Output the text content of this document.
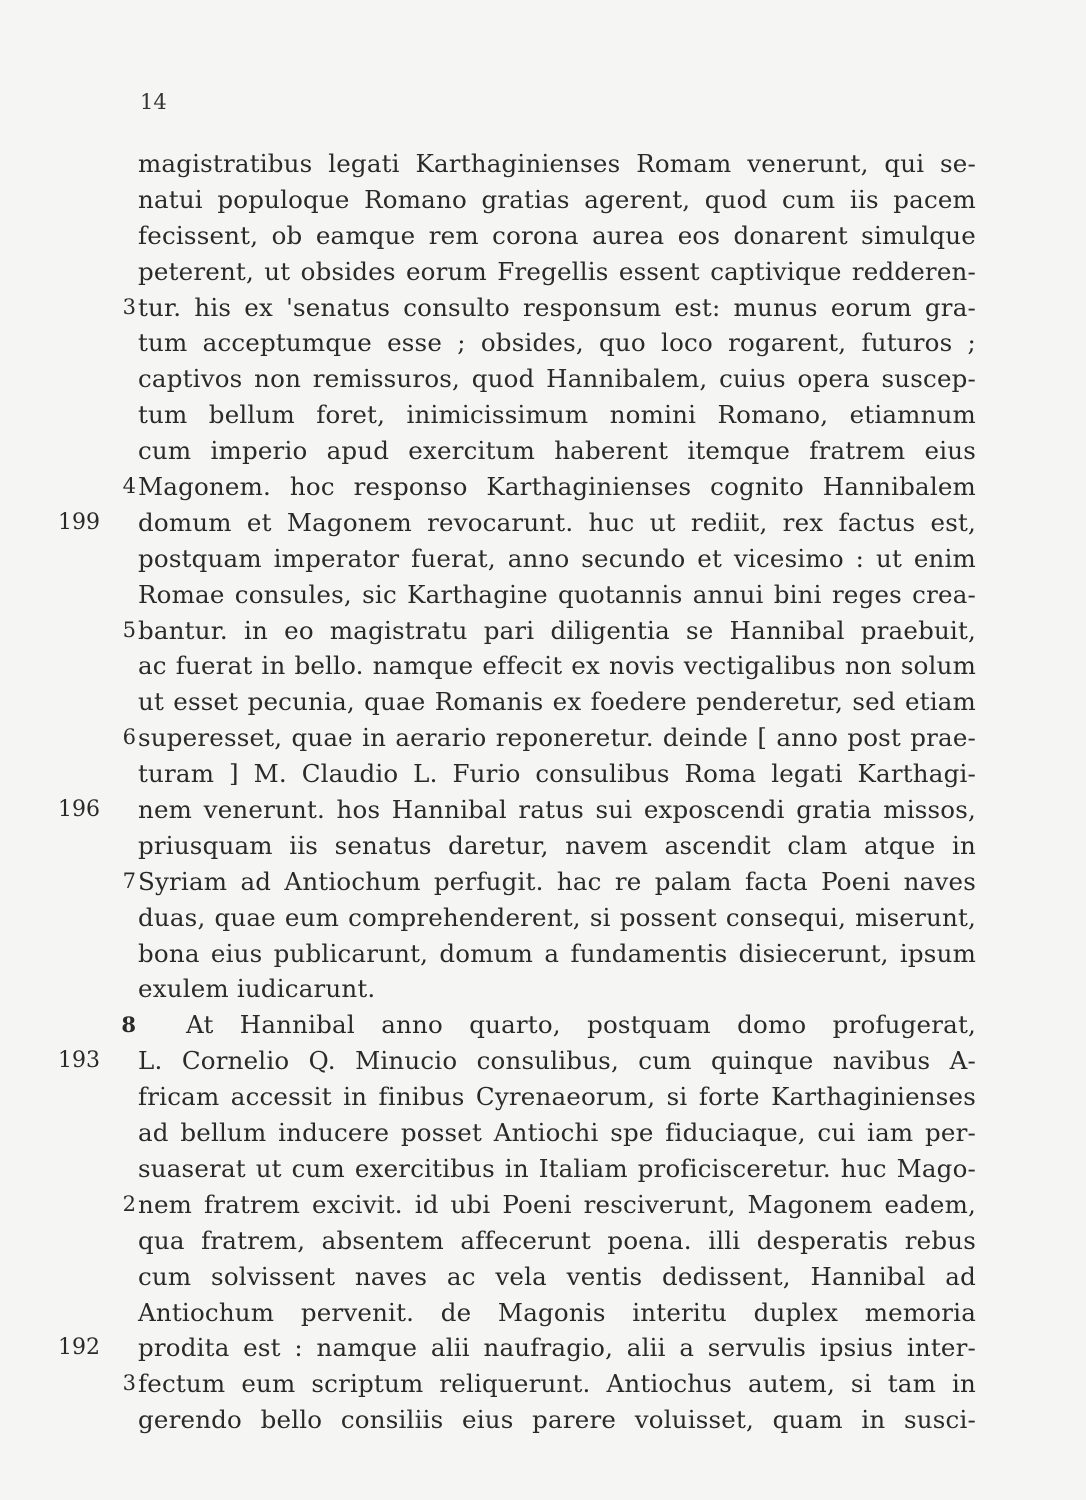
14
magistratibus legati Karthaginienses Romam venerunt, qui se-
natui populoque Romano gratias agerent, quod cum iis pacem
fecissent, ob eamque rem corona aurea eos donarent simulque
peterent, ut obsides eorum Fregellis essent captivique redderen-
3 tur. his ex 'senatus consulto responsum est: munus eorum gra-
tum acceptumque esse ; obsides, quo loco rogarent, futuros ;
captivos non remissuros, quod Hannibalem, cuius opera suscep-
tum bellum foret, inimicissimum nomini Romano, etiamnum
cum imperio apud exercitum haberent itemque fratrem eius
4 Magonem. hoc responso Karthaginienses cognito Hannibalem
199 domum et Magonem revocarunt. huc ut rediit, rex factus est,
postquam imperator fuerat, anno secundo et vicesimo : ut enim
Romae consules, sic Karthagine quotannis annui bini reges crea-
5 bantur. in eo magistratu pari diligentia se Hannibal praebuit,
ac fuerat in bello. namque effecit ex novis vectigalibus non solum
ut esset pecunia, quae Romanis ex foedere penderetur, sed etiam
6 superesset, quae in aerario reponeretur. deinde [ anno post prae-
turam ] M. Claudio L. Furio consulibus Roma legati Karthagi-
196 nem venerunt. hos Hannibal ratus sui exposcendi gratia missos,
priusquam iis senatus daretur, navem ascendit clam atque in
7 Syriam ad Antiochum perfugit. hac re palam facta Poeni naves
duas, quae eum comprehenderent, si possent consequi, miserunt,
bona eius publicarunt, domum a fundamentis disiecerunt, ipsum
exulem iudicarunt.
8 At Hannibal anno quarto, postquam domo profugerat,
193 L. Cornelio Q. Minucio consulibus, cum quinque navibus A-
fricam accessit in finibus Cyrenaeorum, si forte Karthaginienses
ad bellum inducere posset Antiochi spe fiduciaque, cui iam per-
suaserat ut cum exercitibus in Italiam proficisceretur. huc Mago-
2 nem fratrem excivit. id ubi Poeni resciverunt, Magonem eadem,
qua fratrem, absentem affecerunt poena. illi desperatis rebus
cum solvissent naves ac vela ventis dedissent, Hannibal ad
Antiochum pervenit. de Magonis interitu duplex memoria
192 prodita est : namque alii naufragio, alii a servulis ipsius inter-
3 fectum eum scriptum reliquerunt. Antiochus autem, si tam in
gerendo bello consiliis eius parere voluisset, quam in susci-
